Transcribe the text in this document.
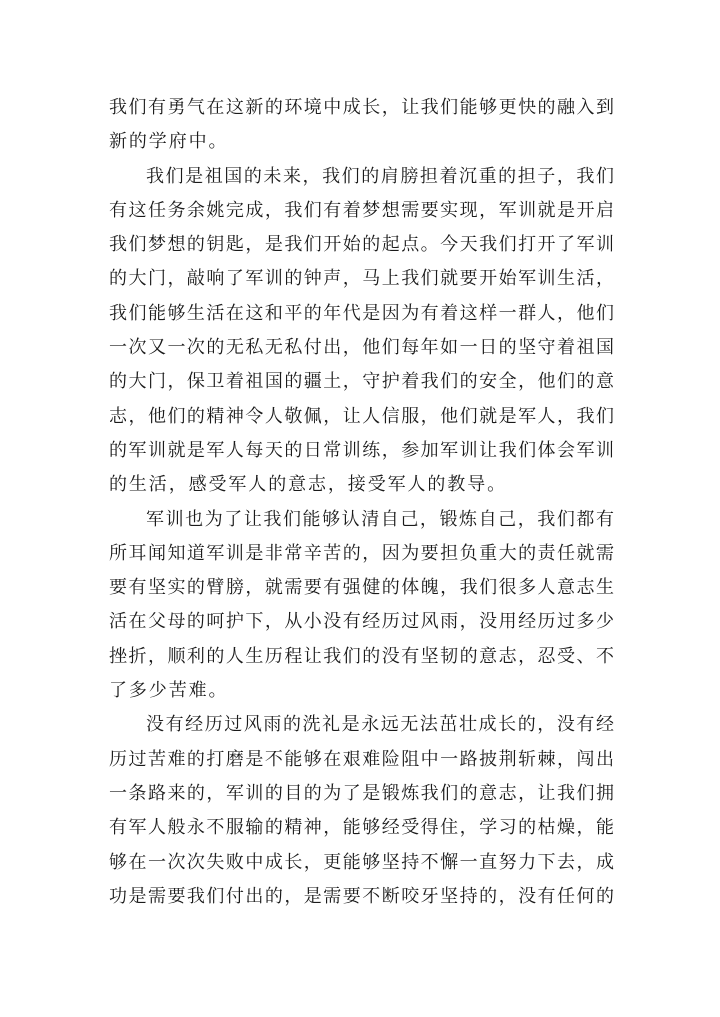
我们有勇气在这新的环境中成长，让我们能够更快的融入到
新的学府中。
我们是祖国的未来，我们的肩膀担着沉重的担子，我们
有这任务余姚完成，我们有着梦想需要实现，军训就是开启
我们梦想的钥匙，是我们开始的起点。今天我们打开了军训
的大门，敲响了军训的钟声，马上我们就要开始军训生活，
我们能够生活在这和平的年代是因为有着这样一群人，他们
一次又一次的无私无私付出，他们每年如一日的坚守着祖国
的大门，保卫着祖国的疆土，守护着我们的安全，他们的意
志，他们的精神令人敬佩，让人信服，他们就是军人，我们
的军训就是军人每天的日常训练，参加军训让我们体会军训
的生活，感受军人的意志，接受军人的教导。
军训也为了让我们能够认清自己，锻炼自己，我们都有
所耳闻知道军训是非常辛苦的，因为要担负重大的责任就需
要有坚实的臂膀，就需要有强健的体魄，我们很多人意志生
活在父母的呵护下，从小没有经历过风雨，没用经历过多少
挫折，顺利的人生历程让我们的没有坚韧的意志，忍受、不
了多少苦难。
没有经历过风雨的洗礼是永远无法茁壮成长的，没有经
历过苦难的打磨是不能够在艰难险阻中一路披荆斩棘，闯出
一条路来的，军训的目的为了是锻炼我们的意志，让我们拥
有军人般永不服输的精神，能够经受得住，学习的枯燥，能
够在一次次失败中成长，更能够坚持不懈一直努力下去，成
功是需要我们付出的，是需要不断咬牙坚持的，没有任何的
